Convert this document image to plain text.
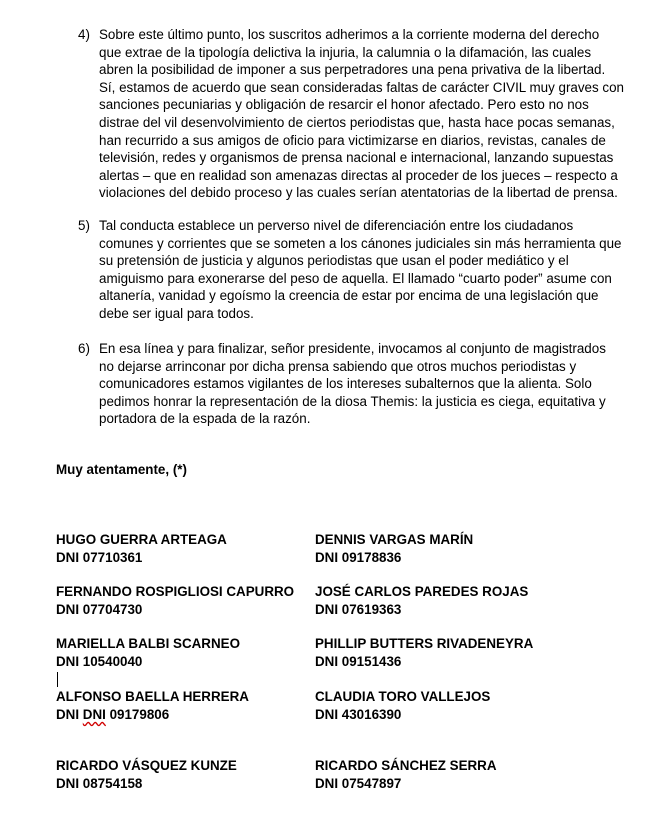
4) Sobre este último punto, los suscritos adherimos a la corriente moderna del derecho
que extrae de la tipología delictiva la injuria, la calumnia o la difamación, las cuales
abren la posibilidad de imponer a sus perpetradores una pena privativa de la libertad.
Sí, estamos de acuerdo que sean consideradas faltas de carácter CIVIL muy graves con
sanciones pecuniarias y obligación de resarcir el honor afectado. Pero esto no nos
distrae del vil desenvolvimiento de ciertos periodistas que, hasta hace pocas semanas,
han recurrido a sus amigos de oficio para victimizarse en diarios, revistas, canales de
televisión, redes y organismos de prensa nacional e internacional, lanzando supuestas
alertas – que en realidad son amenazas directas al proceder de los jueces – respecto a
violaciones del debido proceso y las cuales serían atentatorias de la libertad de prensa.
5) Tal conducta establece un perverso nivel de diferenciación entre los ciudadanos
comunes y corrientes que se someten a los cánones judiciales sin más herramienta que
su pretensión de justicia y algunos periodistas que usan el poder mediático y el
amiguismo para exonerarse del peso de aquella. El llamado “cuarto poder” asume con
altanería, vanidad y egoísmo la creencia de estar por encima de una legislación que
debe ser igual para todos.
6) En esa línea y para finalizar, señor presidente, invocamos al conjunto de magistrados
no dejarse arrinconar por dicha prensa sabiendo que otros muchos periodistas y
comunicadores estamos vigilantes de los intereses subalternos que la alienta. Solo
pedimos honrar la representación de la diosa Themis: la justicia es ciega, equitativa y
portadora de la espada de la razón.
Muy atentamente, (*)
HUGO GUERRA ARTEAGA
DNI 07710361
DENNIS VARGAS MARÍN
DNI 09178836
FERNANDO ROSPIGLIOSI CAPURRO
DNI 07704730
JOSÉ CARLOS PAREDES ROJAS
DNI 07619363
MARIELLA BALBI SCARNEO
DNI 10540040
PHILLIP BUTTERS RIVADENEYRA
DNI 09151436
ALFONSO BAELLA HERRERA
DNI DNI 09179806
CLAUDIA TORO VALLEJOS
DNI 43016390
RICARDO VÁSQUEZ KUNZE
DNI 08754158
RICARDO SÁNCHEZ SERRA
DNI 07547897
